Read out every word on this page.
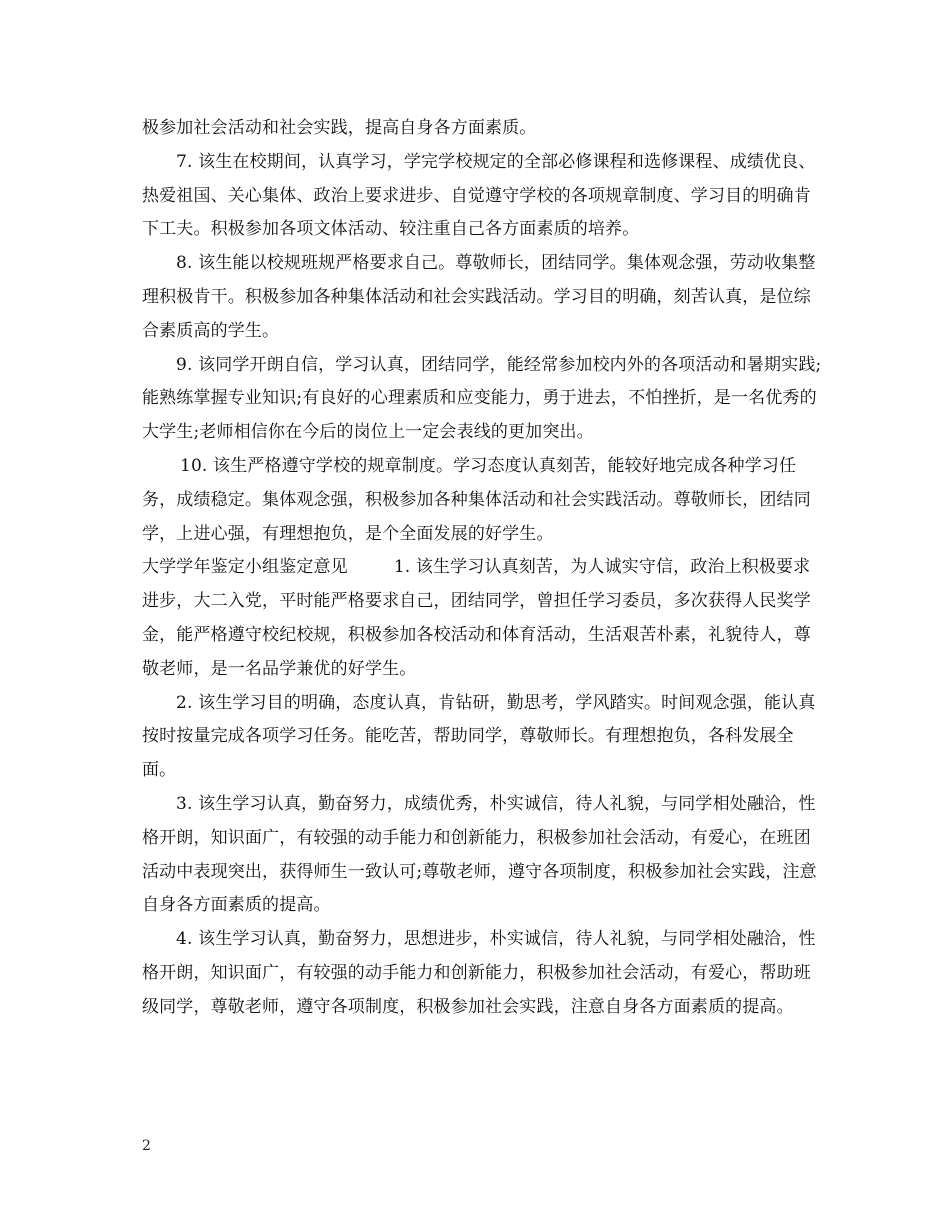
极参加社会活动和社会实践，提高自身各方面素质。

7. 该生在校期间，认真学习，学完学校规定的全部必修课程和选修课程、成绩优良、热爱祖国、关心集体、政治上要求进步、自觉遵守学校的各项规章制度、学习目的明确肯下工夫。积极参加各项文体活动、较注重自己各方面素质的培养。

8. 该生能以校规班规严格要求自己。尊敬师长，团结同学。集体观念强，劳动收集整理积极肯干。积极参加各种集体活动和社会实践活动。学习目的明确，刻苦认真，是位综合素质高的学生。

9. 该同学开朗自信，学习认真，团结同学，能经常参加校内外的各项活动和暑期实践;能熟练掌握专业知识;有良好的心理素质和应变能力，勇于进去，不怕挫折，是一名优秀的大学生;老师相信你在今后的岗位上一定会表线的更加突出。

10. 该生严格遵守学校的规章制度。学习态度认真刻苦，能较好地完成各种学习任务，成绩稳定。集体观念强，积极参加各种集体活动和社会实践活动。尊敬师长，团结同学，上进心强，有理想抱负，是个全面发展的好学生。

大学学年鉴定小组鉴定意见	1. 该生学习认真刻苦，为人诚实守信，政治上积极要求进步，大二入党，平时能严格要求自己，团结同学，曾担任学习委员，多次获得人民奖学金，能严格遵守校纪校规，积极参加各校活动和体育活动，生活艰苦朴素，礼貌待人，尊敬老师，是一名品学兼优的好学生。

2. 该生学习目的明确，态度认真，肯钻研，勤思考，学风踏实。时间观念强，能认真按时按量完成各项学习任务。能吃苦，帮助同学，尊敬师长。有理想抱负，各科发展全面。

3. 该生学习认真，勤奋努力，成绩优秀，朴实诚信，待人礼貌，与同学相处融洽，性格开朗，知识面广，有较强的动手能力和创新能力，积极参加社会活动，有爱心，在班团活动中表现突出，获得师生一致认可;尊敬老师，遵守各项制度，积极参加社会实践，注意自身各方面素质的提高。

4. 该生学习认真，勤奋努力，思想进步，朴实诚信，待人礼貌，与同学相处融洽，性格开朗，知识面广，有较强的动手能力和创新能力，积极参加社会活动，有爱心，帮助班级同学，尊敬老师，遵守各项制度，积极参加社会实践，注意自身各方面素质的提高。

2
